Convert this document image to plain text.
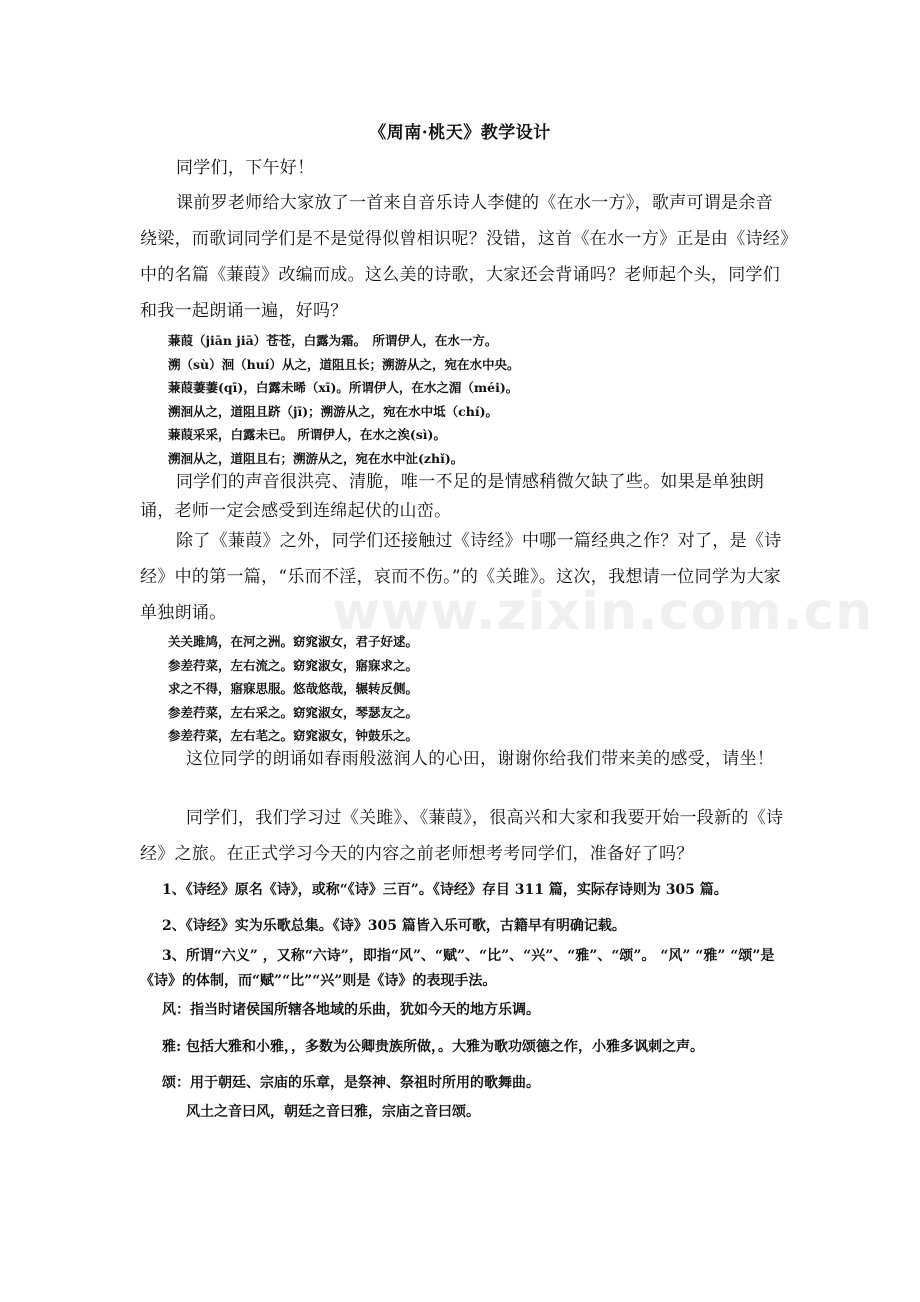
《周南·桃天》教学设计
同学们，下午好！
课前罗老师给大家放了一首来自音乐诗人李健的《在水一方》，歌声可谓是余音绕梁，而歌词同学们是不是觉得似曾相识呢？没错，这首《在水一方》正是由《诗经》中的名篇《蒹葭》改编而成。这么美的诗歌，大家还会背诵吗？老师起个头，同学们和我一起朗诵一遍，好吗？
蒹葭（jiān jiā）苍苍，白露为霜。　所谓伊人，在水一方。
溯（sù）洄（huí）从之，道阻且长；溯游从之，宛在水中央。
蒹葭萋萋(qī)，白露未晞（xī)。所谓伊人，在水之湄（méi)。
溯洄从之，道阻且跻（jī)；溯游从之，宛在水中坻（chí)。
蒹葭采采，白露未已。 所谓伊人，在水之涘(sì)。
溯洄从之，道阻且右；溯游从之，宛在水中沚(zhǐ)。
同学们的声音很洪亮、清脆，唯一不足的是情感稍微欠缺了些。如果是单独朗诵，老师一定会感受到连绵起伏的山峦。
除了《蒹葭》之外，同学们还接触过《诗经》中哪一篇经典之作？对了，是《诗经》中的第一篇，“乐而不淫，哀而不伤。”的《关雎》。这次，我想请一位同学为大家单独朗诵。
关关雎鸠，在河之洲。窈窕淑女，君子好逑。
参差荇菜，左右流之。窈窕淑女，寤寐求之。
求之不得，寤寐思服。悠哉悠哉，辗转反侧。
参差荇菜，左右采之。窈窕淑女，琴瑟友之。
参差荇菜，左右芼之。窈窕淑女，钟鼓乐之。
这位同学的朗诵如春雨般滋润人的心田，谢谢你给我们带来美的感受，请坐！
同学们，我们学习过《关雎》、《蒹葭》，很高兴和大家和我要开始一段新的《诗经》之旅。在正式学习今天的内容之前老师想考考同学们，准备好了吗？
1、《诗经》原名《诗》，或称“《诗》三百”。《诗经》存目 311 篇，实际存诗则为 305 篇。
2、《诗经》实为乐歌总集。《诗》305 篇皆入乐可歌，古籍早有明确记载。
3、所谓“六义” ，又称“六诗”，即指“风”、“赋”、“比”、“兴”、“雅”、“颂”。 “风” “雅” “颂”是《诗》的体制，而“赋”“比”“兴”则是《诗》的表现手法。
风：指当时诸侯国所辖各地域的乐曲，犹如今天的地方乐调。
雅: 包括大雅和小雅，，多数为公卿贵族所做，。大雅为歌功颂德之作，小雅多讽刺之声。
颂：用于朝廷、宗庙的乐章，是祭神、祭祖时所用的歌舞曲。
风土之音曰风，朝廷之音曰雅，宗庙之音曰颂。
www.zixin.com.cn
